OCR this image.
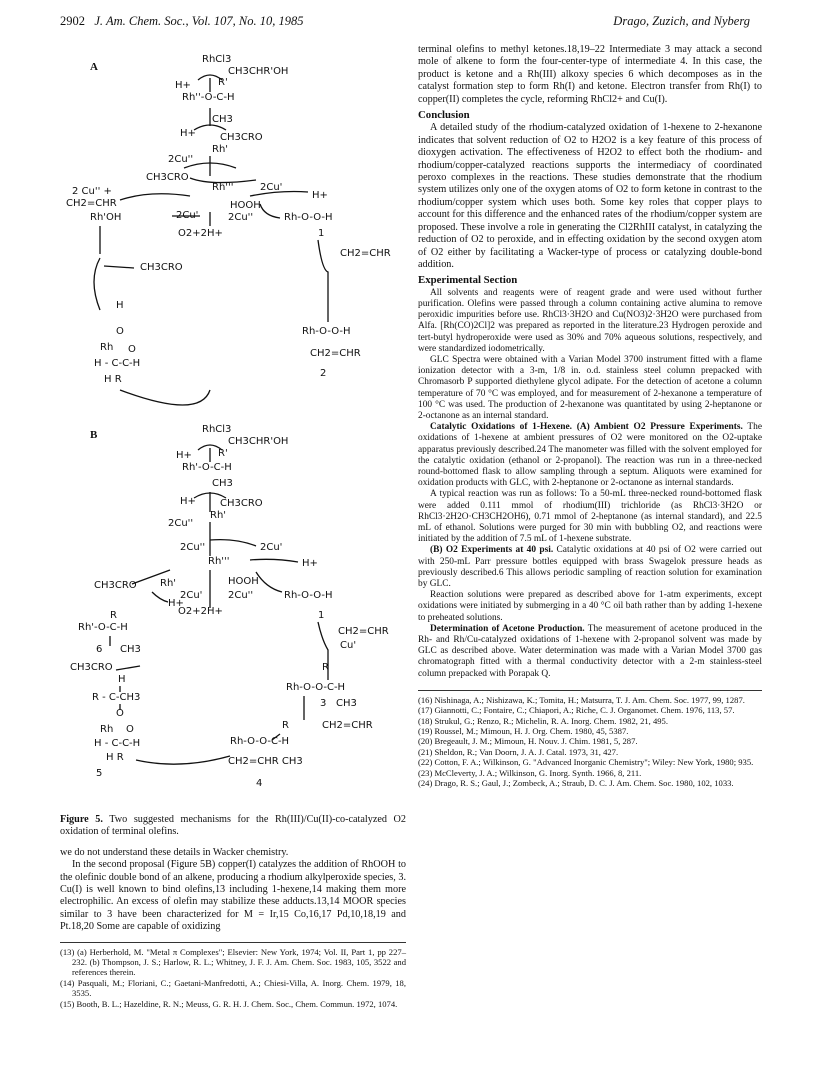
2902 J. Am. Chem. Soc., Vol. 107, No. 10, 1985	Drago, Zuzich, and Nyberg
A
RhCl3
CH3CHR'OH
H+	R'
Rh''-O-C-H
CH3
H+ CH3CRO
Rh'
2Cu''
CH3CRO
Rh'''	2Cu'
H+
2 Cu'' +
CH2=CHR	HOOH
Rh-O-O-H
Rh'OH	2Cu'	2Cu''
O2+2H+	1
CH2=CHR
CH3CRO
H
O
Rh O
H - C-C-H
H R
Rh-O-O-H
CH2=CHR
2
B	RhCl3
CH3CHR'OH
H+	R'
Rh'-O-C-H
CH3
H+ CH3CRO
Rh'
2Cu''
2Cu''	2Cu'
Rh'''	H+
CH3CRO Rh'	HOOH
H+
2Cu'	2Cu''	Rh-O-O-H
R	O2+2H+	1
Rh'-O-C-H	CH2=CHR
Cu'
6 CH3
CH3CRO
H
R
R - C-CH3
Rh-O-O-C-H
O
3 CH3
Rh O	R	CH2=CHR
H - C-C-H	Rh-O-O-C-H
H R	CH2=CHR CH3
5
4
Figure 5. Two suggested mechanisms for the Rh(III)/Cu(II)-co-catalyzed O2 oxidation of terminal olefins.

we do not understand these details in Wacker chemistry.

In the second proposal (Figure 5B) copper(I) catalyzes the addition of RhOOH to the olefinic double bond of an alkene, producing a rhodium alkylperoxide species, 3. Cu(I) is well known to bind olefins,13 including 1-hexene,14 making them more electrophilic. An excess of olefin may stabilize these adducts.13,14 MOOR species similar to 3 have been characterized for M = Ir,15 Co,16,17 Pd,10,18,19 and Pt.18,20 Some are capable of oxidizing

(13) (a) Herberhold, M. "Metal π Complexes"; Elsevier: New York, 1974; Vol. II, Part 1, pp 227–232. (b) Thompson, J. S.; Harlow, R. L.; Whitney, J. F. J. Am. Chem. Soc. 1983, 105, 3522 and references therein.

(14) Pasquali, M.; Floriani, C.; Gaetani-Manfredotti, A.; Chiesi-Villa, A. Inorg. Chem. 1979, 18, 3535.

(15) Booth, B. L.; Hazeldine, R. N.; Meuss, G. R. H. J. Chem. Soc., Chem. Commun. 1972, 1074.

terminal olefins to methyl ketones.18,19–22 Intermediate 3 may attack a second mole of alkene to form the four-center-type of intermediate 4. In this case, the product is ketone and a Rh(III) alkoxy species 6 which decomposes as in the catalyst formation step to form Rh(I) and ketone. Electron transfer from Rh(I) to copper(II) completes the cycle, reforming RhCl2+ and Cu(I).

Conclusion

A detailed study of the rhodium-catalyzed oxidation of 1-hexene to 2-hexanone indicates that solvent reduction of O2 to H2O2 is a key feature of this process of dioxygen activation. The effectiveness of H2O2 to effect both the rhodium- and rhodium/copper-catalyzed reactions supports the intermediacy of coordinated peroxo complexes in the reactions. These studies demonstrate that the rhodium system utilizes only one of the oxygen atoms of O2 to form ketone in contrast to the rhodium/copper system which uses both. Some key roles that copper plays to account for this difference and the enhanced rates of the rhodium/copper system are proposed. These involve a role in generating the Cl2RhIII catalyst, in catalyzing the reduction of O2 to peroxide, and in effecting oxidation by the second oxygen atom of O2 either by facilitating a Wacker-type of process or catalyzing double-bond addition.

Experimental Section

All solvents and reagents were of reagent grade and were used without further purification. Olefins were passed through a column containing active alumina to remove peroxidic impurities before use. RhCl3·3H2O and Cu(NO3)2·3H2O were purchased from Alfa. [Rh(CO)2Cl]2 was prepared as reported in the literature.23 Hydrogen peroxide and tert-butyl hydroperoxide were used as 30% and 70% aqueous solutions, respectively, and were standardized iodometrically.

GLC Spectra were obtained with a Varian Model 3700 instrument fitted with a flame ionization detector with a 3-m, 1/8 in. o.d. stainless steel column prepacked with Chromasorb P supported diethylene glycol adipate. For the detection of acetone a column temperature of 70 °C was employed, and for measurement of 2-hexanone a temperature of 100 °C was used. The production of 2-hexanone was quantitated by using 2-heptanone or 2-octanone as an internal standard.

Catalytic Oxidations of 1-Hexene. (A) Ambient O2 Pressure Experiments. The oxidations of 1-hexene at ambient pressures of O2 were monitored on the O2-uptake apparatus previously described.24 The manometer was filled with the solvent employed for the catalytic oxidation (ethanol or 2-propanol). The reaction was run in a three-necked round-bottomed flask to allow sampling through a septum. Aliquots were examined for oxidation products with GLC, with 2-heptanone or 2-octanone as internal standards.

A typical reaction was run as follows: To a 50-mL three-necked round-bottomed flask were added 0.111 mmol of rhodium(III) trichloride (as RhCl3·3H2O or RhCl3·2H2O·CH3CH2OH6), 0.71 mmol of 2-heptanone (as internal standard), and 22.5 mL of ethanol. Solutions were purged for 30 min with bubbling O2, and reactions were initiated by the addition of 7.5 mL of 1-hexene substrate.

(B) O2 Experiments at 40 psi. Catalytic oxidations at 40 psi of O2 were carried out with 250-mL Parr pressure bottles equipped with brass Swagelok pressure heads as previously described.6 This allows periodic sampling of reaction solution for examination by GLC.

Reaction solutions were prepared as described above for 1-atm experiments, except oxidations were initiated by submerging in a 40 °C oil bath rather than by adding 1-hexene to preheated solutions.

Determination of Acetone Production. The measurement of acetone produced in the Rh- and Rh/Cu-catalyzed oxidations of 1-hexene with 2-propanol solvent was made by GLC as described above. Water determination was made with a Varian Model 3700 gas chromatograph fitted with a thermal conductivity detector with a 2-m stainless-steel column prepacked with Porapak Q.

(16) Nishinaga, A.; Nishizawa, K.; Tomita, H.; Matsurra, T. J. Am. Chem. Soc. 1977, 99, 1287.

(17) Giannotti, C.; Fontaire, C.; Chiapori, A.; Riche, C. J. Organomet. Chem. 1976, 113, 57.

(18) Strukul, G.; Renzo, R.; Michelin, R. A. Inorg. Chem. 1982, 21, 495.

(19) Roussel, M.; Mimoun, H. J. Org. Chem. 1980, 45, 5387.

(20) Bregeault, J. M.; Mimoun, H. Nouv. J. Chim. 1981, 5, 287.

(21) Sheldon, R.; Van Doorn, J. A. J. Catal. 1973, 31, 427.

(22) Cotton, F. A.; Wilkinson, G. "Advanced Inorganic Chemistry"; Wiley: New York, 1980; 935.

(23) McCleverty, J. A.; Wilkinson, G. Inorg. Synth. 1966, 8, 211.

(24) Drago, R. S.; Gaul, J.; Zombeck, A.; Straub, D. C. J. Am. Chem. Soc. 1980, 102, 1033.
